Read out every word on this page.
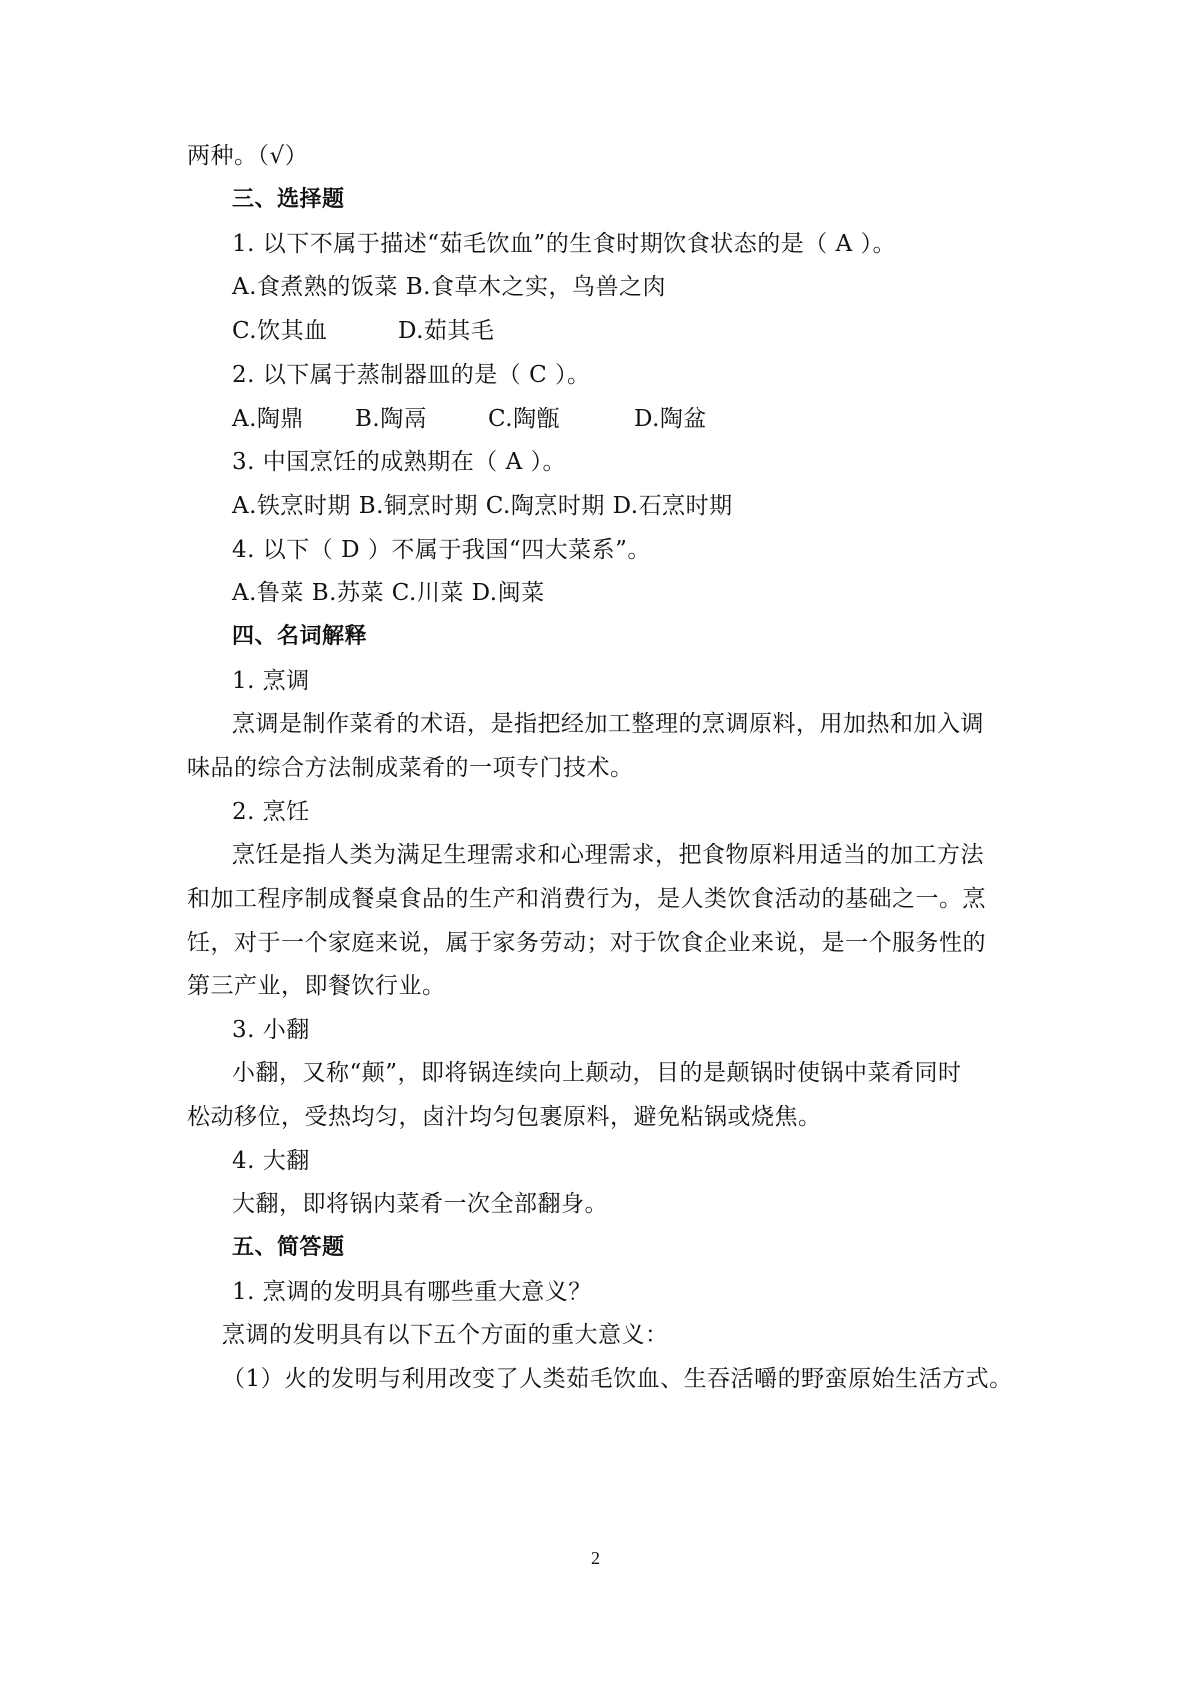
两种。（√）

三、选择题

1. 以下不属于描述“茹毛饮血”的生食时期饮食状态的是（ A ）。

A.食煮熟的饭菜 B.食草木之实，鸟兽之肉

C.饮其血	D.茹其毛

2. 以下属于蒸制器皿的是（ C ）。

A.陶鼎 B.陶鬲	C.陶甑	D.陶盆

3. 中国烹饪的成熟期在（ A ）。

A.铁烹时期 B.铜烹时期 C.陶烹时期 D.石烹时期

4. 以下（ D ）不属于我国“四大菜系”。

A.鲁菜 B.苏菜 C.川菜 D.闽菜

四、名词解释

1. 烹调

烹调是制作菜肴的术语，是指把经加工整理的烹调原料，用加热和加入调

味品的综合方法制成菜肴的一项专门技术。

2. 烹饪

烹饪是指人类为满足生理需求和心理需求，把食物原料用适当的加工方法

和加工程序制成餐桌食品的生产和消费行为，是人类饮食活动的基础之一。烹

饪，对于一个家庭来说，属于家务劳动；对于饮食企业来说，是一个服务性的

第三产业，即餐饮行业。

3. 小翻

小翻，又称“颠”，即将锅连续向上颠动，目的是颠锅时使锅中菜肴同时

松动移位，受热均匀，卤汁均匀包裹原料，避免粘锅或烧焦。

4. 大翻

大翻，即将锅内菜肴一次全部翻身。

五、简答题

1. 烹调的发明具有哪些重大意义？

烹调的发明具有以下五个方面的重大意义：

（1）火的发明与利用改变了人类茹毛饮血、生吞活嚼的野蛮原始生活方式。

2
